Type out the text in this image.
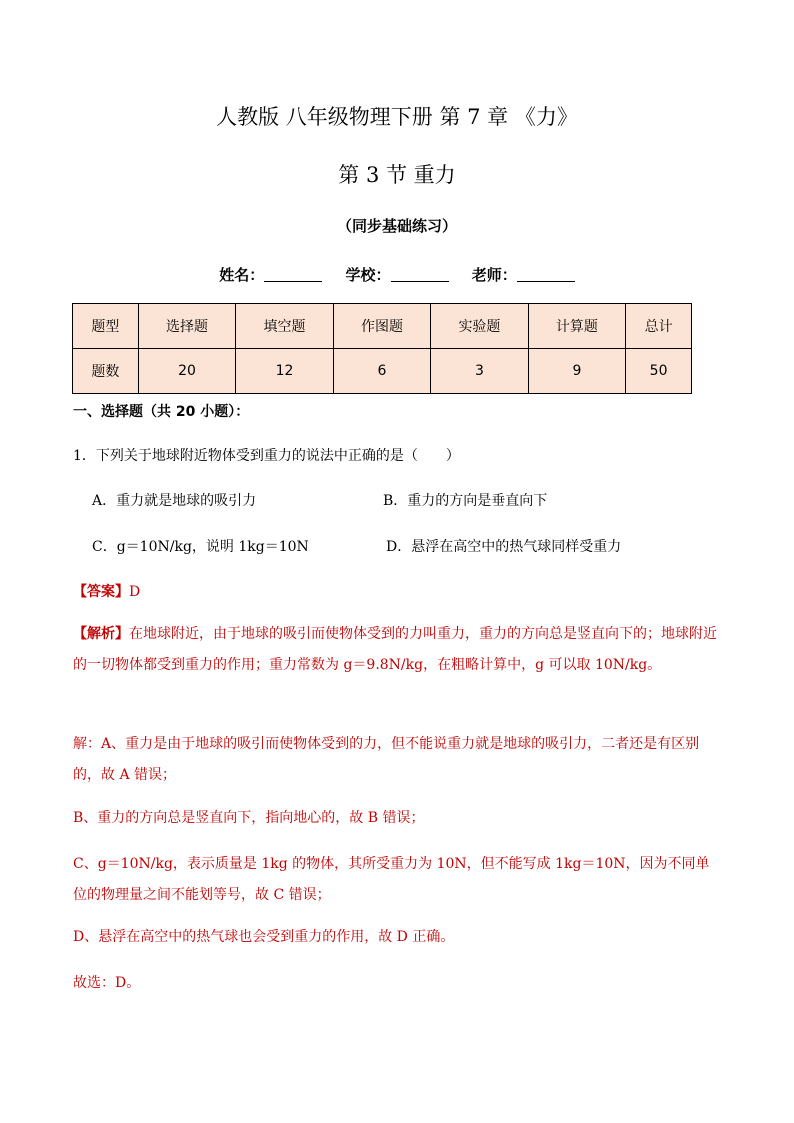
人教版 八年级物理下册 第 7 章 《力》
第 3 节 重力
（同步基础练习）
姓名：	学校：	老师：
题型	选择题	填空题	作图题	实验题	计算题	总计
题数	20	12	6	3	9	50
一、选择题（共 20 小题）：
1．下列关于地球附近物体受到重力的说法中正确的是（　　）
A．重力就是地球的吸引力	B．重力的方向是垂直向下
C．g＝10N/kg，说明 1kg＝10N	D．悬浮在高空中的热气球同样受重力
【答案】D
【解析】在地球附近，由于地球的吸引而使物体受到的力叫重力，重力的方向总是竖直向下的；地球附近的一切物体都受到重力的作用；重力常数为 g＝9.8N/kg，在粗略计算中，g 可以取 10N/kg。
解：A、重力是由于地球的吸引而使物体受到的力，但不能说重力就是地球的吸引力，二者还是有区别的，故 A 错误；
B、重力的方向总是竖直向下，指向地心的，故 B 错误；
C、g＝10N/kg，表示质量是 1kg 的物体，其所受重力为 10N，但不能写成 1kg＝10N，因为不同单位的物理量之间不能划等号，故 C 错误；
D、悬浮在高空中的热气球也会受到重力的作用，故 D 正确。
故选：D。
